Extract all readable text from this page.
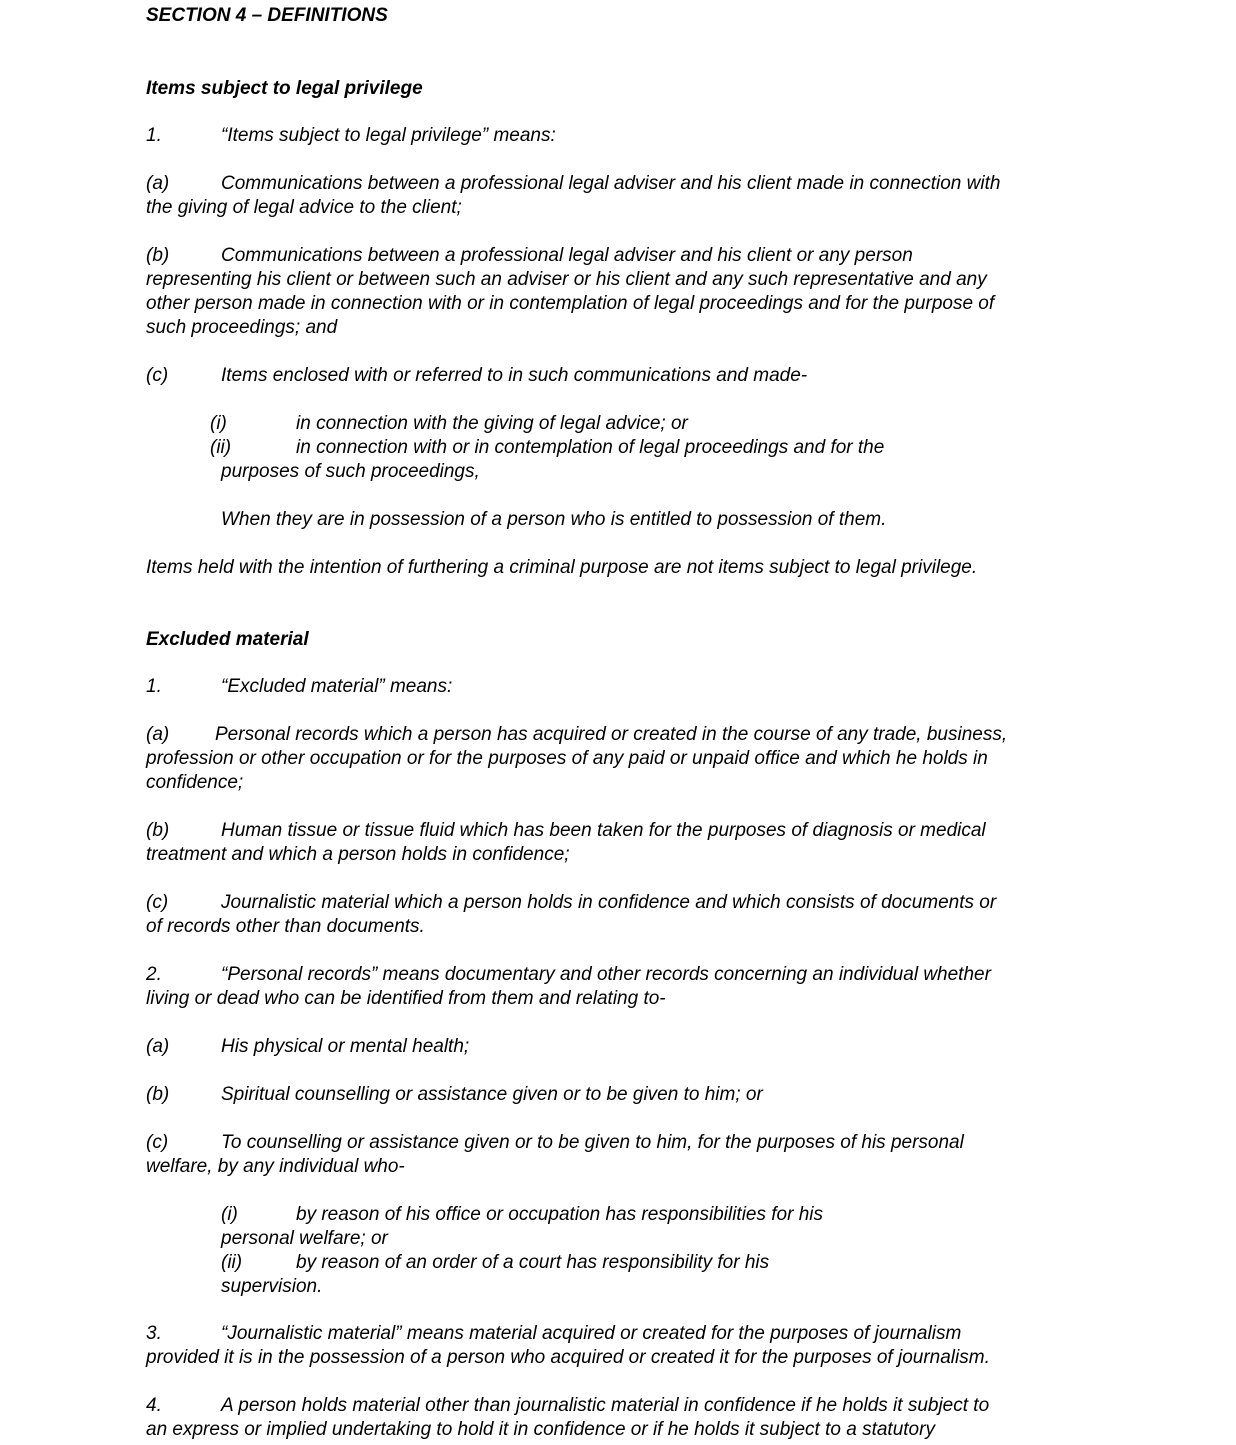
SECTION 4 – DEFINITIONS
Items subject to legal privilege
1.	“Items subject to legal privilege” means:
(a)	Communications between a professional legal adviser and his client made in connection with
the giving of legal advice to the client;
(b)	Communications between a professional legal adviser and his client or any person
representing his client or between such an adviser or his client and any such representative and any
other person made in connection with or in contemplation of legal proceedings and for the purpose of
such proceedings; and
(c)	Items enclosed with or referred to in such communications and made-
(i)	in connection with the giving of legal advice; or
(ii)	in connection with or in contemplation of legal proceedings and for the
purposes of such proceedings,
When they are in possession of a person who is entitled to possession of them.
Items held with the intention of furthering a criminal purpose are not items subject to legal privilege.
Excluded material
1.	“Excluded material” means:
(a) Personal records which a person has acquired or created in the course of any trade, business,
profession or other occupation or for the purposes of any paid or unpaid office and which he holds in
confidence;
(b)	Human tissue or tissue fluid which has been taken for the purposes of diagnosis or medical
treatment and which a person holds in confidence;
(c)	Journalistic material which a person holds in confidence and which consists of documents or
of records other than documents.
2.	“Personal records” means documentary and other records concerning an individual whether
living or dead who can be identified from them and relating to-
(a)	His physical or mental health;
(b)	Spiritual counselling or assistance given or to be given to him; or
(c)	To counselling or assistance given or to be given to him, for the purposes of his personal
welfare, by any individual who-
(i)	by reason of his office or occupation has responsibilities for his
personal welfare; or
(ii)	by reason of an order of a court has responsibility for his
supervision.
3.	“Journalistic material” means material acquired or created for the purposes of journalism
provided it is in the possession of a person who acquired or created it for the purposes of journalism.
4.	A person holds material other than journalistic material in confidence if he holds it subject to
an express or implied undertaking to hold it in confidence or if he holds it subject to a statutory
